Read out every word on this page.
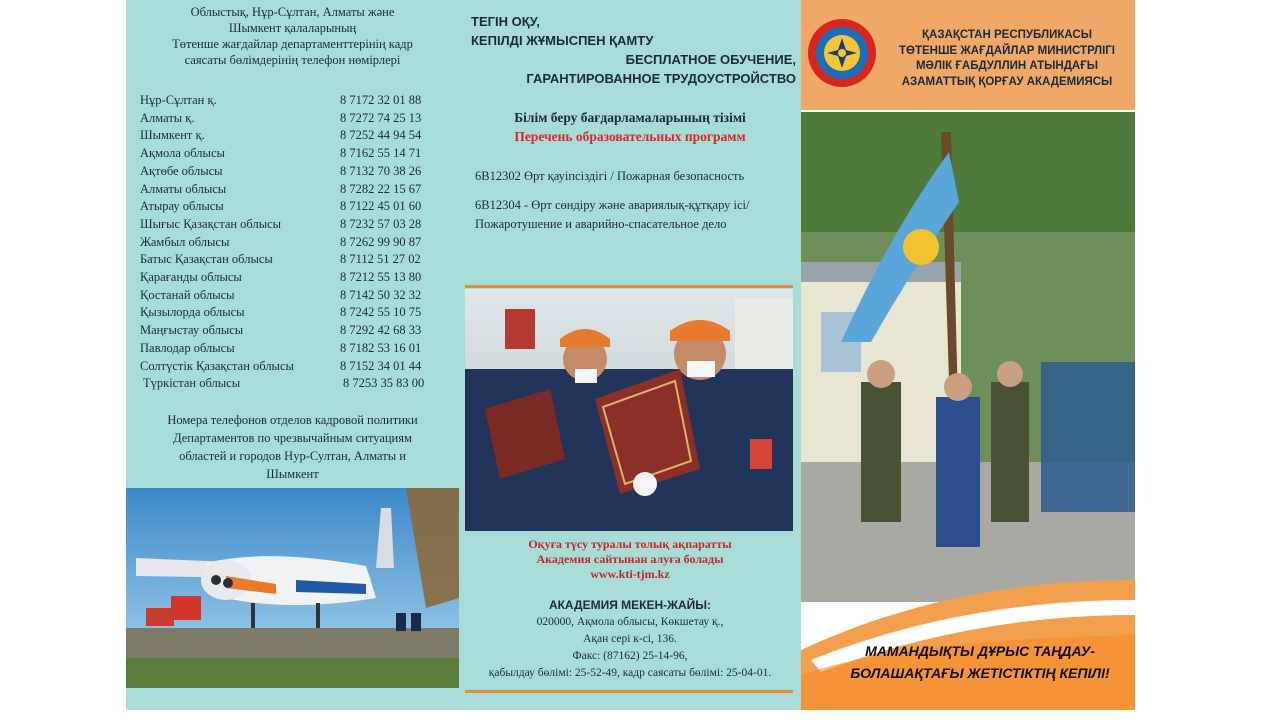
Облыстық, Нұр-Сұлтан, Алматы және
Шымкент қалаларының
Төтенше жағдайлар департаменттерінің кадр
саясаты бөлімдерінің телефон нөмірлері
Нұр-Сұлтан қ.	8 7172 32 01 88
Алматы қ.	8 7272 74 25 13
Шымкент қ.	8 7252 44 94 54
Ақмола облысы	8 7162 55 14 71
Ақтөбе облысы	8 7132 70 38 26
Алматы облысы	8 7282 22 15 67
Атырау облысы	8 7122 45 01 60
Шығыс Қазақстан облысы	8 7232 57 03 28
Жамбыл облысы	8 7262 99 90 87
Батыс Қазақстан облысы	8 7112 51 27 02
Қарағанды облысы	8 7212 55 13 80
Қостанай облысы	8 7142 50 32 32
Қызылорда облысы	8 7242 55 10 75
Маңғыстау облысы	8 7292 42 68 33
Павлодар облысы	8 7182 53 16 01
Солтүстік Қазақстан облысы	8 7152 34 01 44
Түркістан облысы	8 7253 35 83 00
Номера телефонов отделов кадровой политики
Департаментов по чрезвычайным ситуациям
областей и городов Нур-Султан, Алматы и
Шымкент
ТЕГІН ОҚУ,
КЕПІЛДІ ЖҰМЫСПЕН ҚАМТУ
БЕСПЛАТНОЕ ОБУЧЕНИЕ,
ГАРАНТИРОВАННОЕ ТРУДОУСТРОЙСТВО
Білім беру бағдарламаларының тізімі
Перечень образовательных программ
6В12302 Өрт қауіпсіздігі / Пожарная безопасность
6В12304 - Өрт сөндіру және авариялық-құтқару ісі/
Пожаротушение и аварийно-спасательное дело
Оқуға түсу туралы толық ақпаратты
Академия сайтынан алуға болады
www.kti-tjm.kz
АКАДЕМИЯ МЕКЕН-ЖАЙЫ:
020000, Ақмола облысы, Көкшетау қ.,
Ақан сері к-сі, 136.
Факс: (87162) 25-14-96,
қабылдау бөлімі: 25-52-49, кадр саясаты бөлімі: 25-04-01.
ҚАЗАҚСТАН РЕСПУБЛИКАСЫ
ТӨТЕНШЕ ЖАҒДАЙЛАР МИНИСТРЛІГІ
МӘЛІК ҒАБДУЛЛИН АТЫНДАҒЫ
АЗАМАТТЫҚ ҚОРҒАУ АКАДЕМИЯСЫ
МАМАНДЫҚТЫ ДҰРЫС ТАҢДАУ-
БОЛАШАҚТАҒЫ ЖЕТІСТІКТІҢ КЕПІЛІ!
